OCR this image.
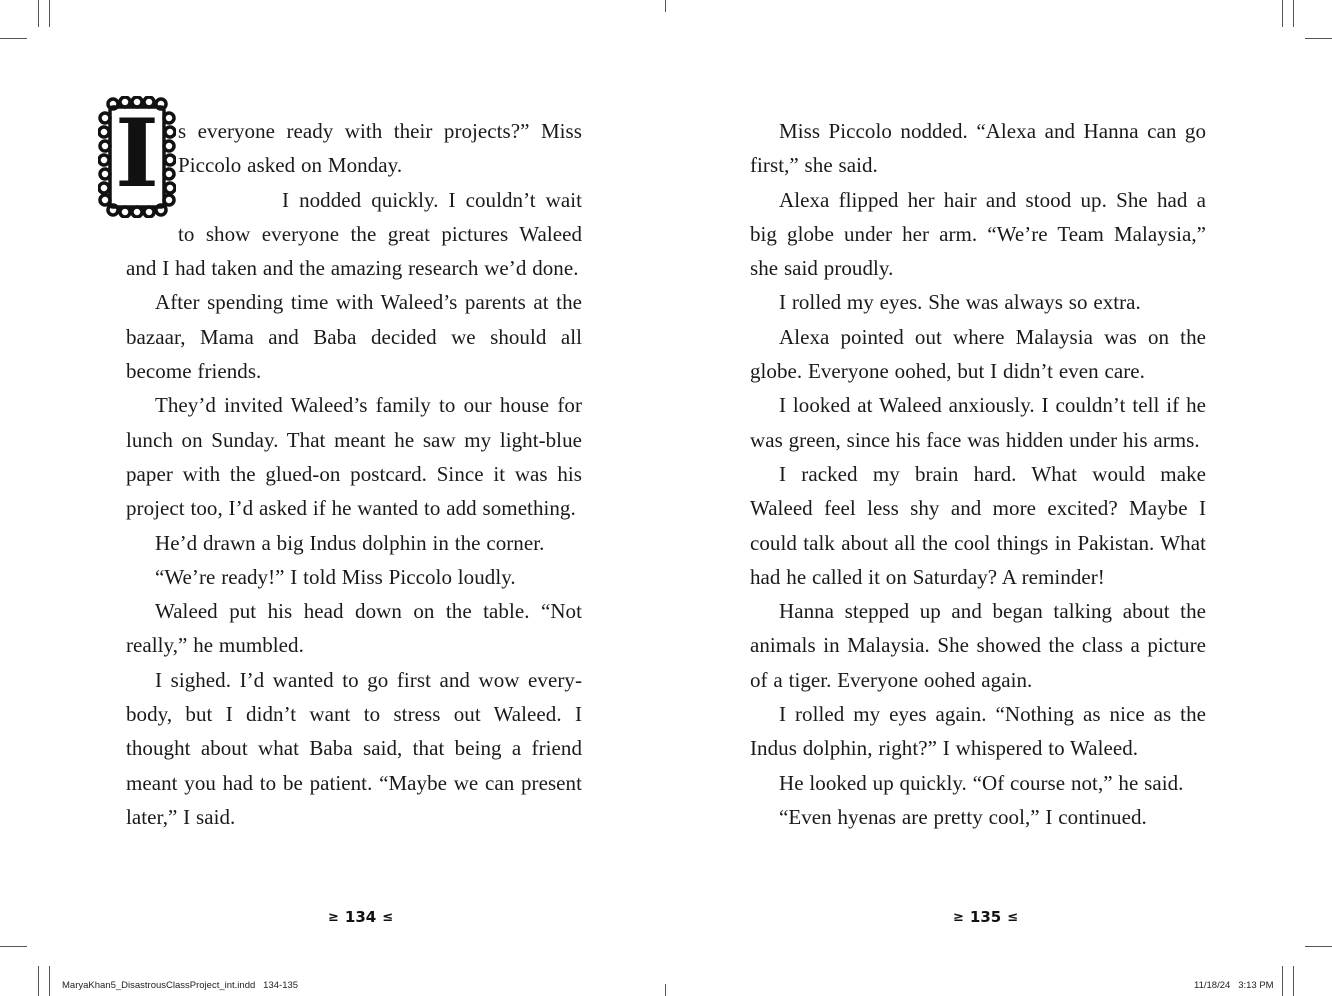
I s everyone ready with their projects?” Miss Piccolo asked on Monday.

I nodded quickly. I couldn’t wait to show everyone the great pictures Waleed and I had taken and the amazing research we’d done.

After spending time with Waleed’s parents at the bazaar, Mama and Baba decided we should all become friends.

They’d invited Waleed’s family to our house for lunch on Sunday. That meant he saw my light-blue paper with the glued-on postcard. Since it was his project too, I’d asked if he wanted to add something.

He’d drawn a big Indus dolphin in the corner.

“We’re ready!” I told Miss Piccolo loudly.

Waleed put his head down on the table. “Not really,” he mumbled.

I sighed. I’d wanted to go first and wow every-body, but I didn’t want to stress out Waleed. I thought about what Baba said, that being a friend meant you had to be patient. “Maybe we can present later,” I said.

Miss Piccolo nodded. “Alexa and Hanna can go first,” she said.

Alexa flipped her hair and stood up. She had a big globe under her arm. “We’re Team Malaysia,” she said proudly.

I rolled my eyes. She was always so extra.

Alexa pointed out where Malaysia was on the globe. Everyone oohed, but I didn’t even care.

I looked at Waleed anxiously. I couldn’t tell if he was green, since his face was hidden under his arms.

I racked my brain hard. What would make Waleed feel less shy and more excited? Maybe I could talk about all the cool things in Pakistan. What had he called it on Saturday? A reminder!

Hanna stepped up and began talking about the animals in Malaysia. She showed the class a picture of a tiger. Everyone oohed again.

I rolled my eyes again. “Nothing as nice as the Indus dolphin, right?” I whispered to Waleed.

He looked up quickly. “Of course not,” he said.

“Even hyenas are pretty cool,” I continued.

≥ 134 ≤	≥ 135 ≤
MaryaKhan5_DisastrousClassProject_int.indd   134-135	11/18/24   3:13 PM
